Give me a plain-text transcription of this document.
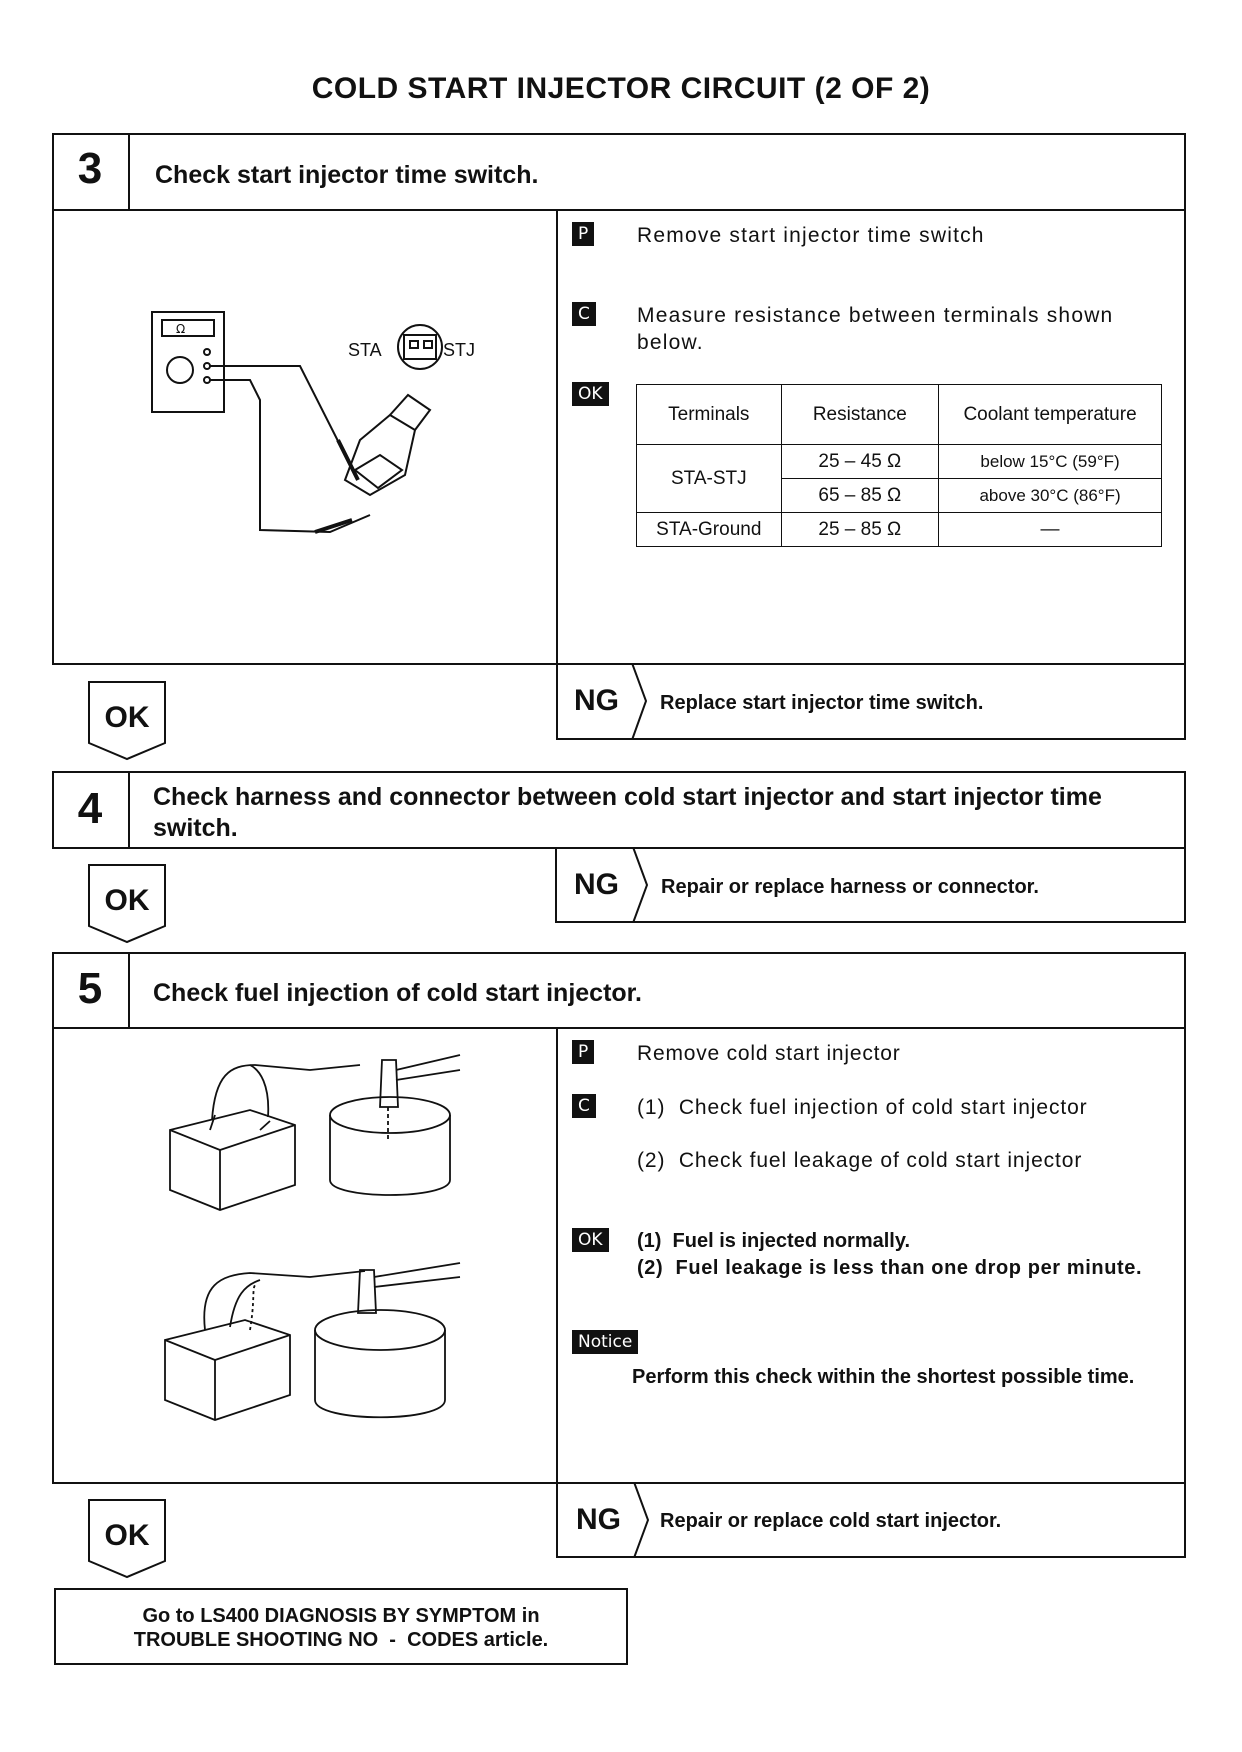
COLD START INJECTOR CIRCUIT (2 OF 2)
3	Check start injector time switch.
Ω
STA	STJ
P Remove start injector time switch
C Measure resistance between terminals shown below.
OK
Terminals	Resistance	Coolant temperature
STA-STJ	25 – 45 Ω	below 15°C (59°F)
	65 – 85 Ω	above 30°C (86°F)
STA-Ground	25 – 85 Ω	—
NG Replace start injector time switch.
OK
4	Check harness and connector between cold start injector and start injector time switch.
NG Repair or replace harness or connector.
OK
5	Check fuel injection of cold start injector.
P Remove cold start injector
C (1)  Check fuel injection of cold start injector
(2)  Check fuel leakage of cold start injector
OK (1)  Fuel is injected normally.
(2)  Fuel leakage is less than one drop per minute.
Notice
Perform this check within the shortest possible time.
NG Repair or replace cold start injector.
OK
Go to LS400 DIAGNOSIS BY SYMPTOM in
TROUBLE SHOOTING NO  -  CODES article.
